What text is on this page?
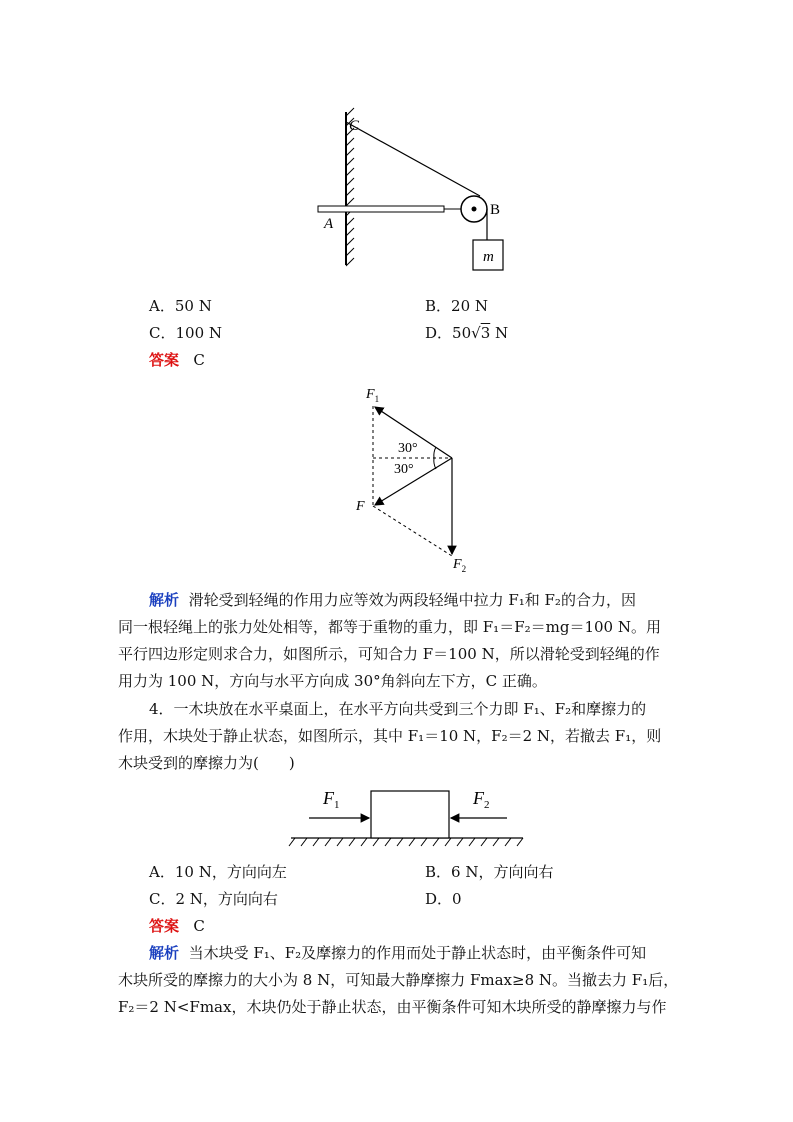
C
A
B
m
A．50 N	B．20 N
C．100 N	D．50√3 N
答案 C
30°
30°
$F_1$
F
$F_2$
解析 滑轮受到轻绳的作用力应等效为两段轻绳中拉力 F₁和 F₂的合力，因
同一根轻绳上的张力处处相等，都等于重物的重力，即 F₁＝F₂＝mg＝100 N。用
平行四边形定则求合力，如图所示，可知合力 F＝100 N，所以滑轮受到轻绳的作
用力为 100 N，方向与水平方向成 30°角斜向左下方，C 正确。
4．一木块放在水平桌面上，在水平方向共受到三个力即 F₁、F₂和摩擦力的
作用，木块处于静止状态，如图所示，其中 F₁＝10 N，F₂＝2 N，若撤去 F₁，则
木块受到的摩擦力为(　　)
$F_1$	$F_2$
A．10 N，方向向左	B．6 N，方向向右
C．2 N，方向向右	D．0
答案 C
解析 当木块受 F₁、F₂及摩擦力的作用而处于静止状态时，由平衡条件可知
木块所受的摩擦力的大小为 8 N，可知最大静摩擦力 Fmax≥8 N。当撤去力 F₁后，
F₂＝2 N<Fmax，木块仍处于静止状态，由平衡条件可知木块所受的静摩擦力与作
